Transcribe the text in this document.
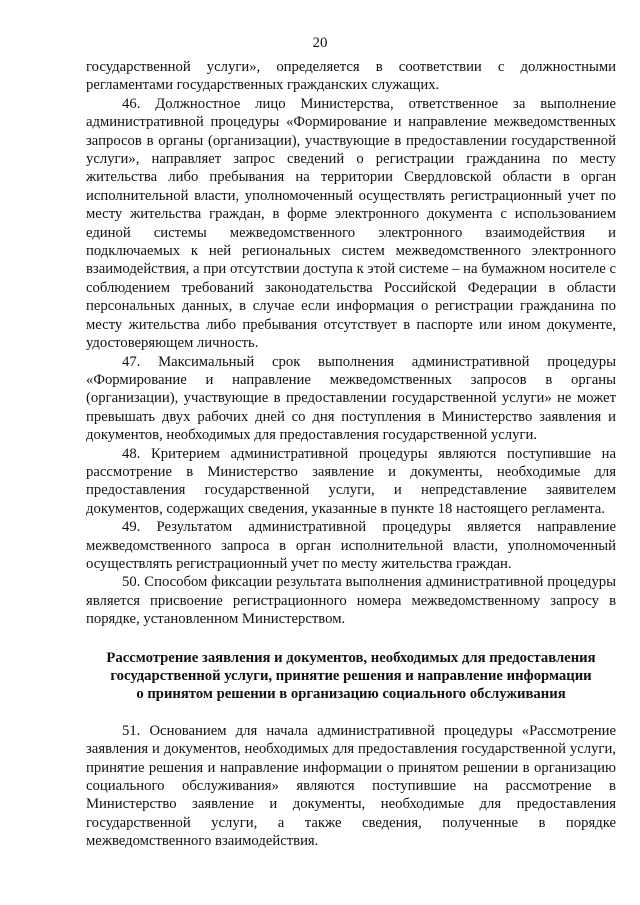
20

государственной услуги», определяется в соответствии с должностными регламентами государственных гражданских служащих.

46. Должностное лицо Министерства, ответственное за выполнение административной процедуры «Формирование и направление межведомственных запросов в органы (организации), участвующие в предоставлении государственной услуги», направляет запрос сведений о регистрации гражданина по месту жительства либо пребывания на территории Свердловской области в орган исполнительной власти, уполномоченный осуществлять регистрационный учет по месту жительства граждан, в форме электронного документа с использованием единой системы межведомственного электронного взаимодействия и подключаемых к ней региональных систем межведомственного электронного взаимодействия, а при отсутствии доступа к этой системе – на бумажном носителе с соблюдением требований законодательства Российской Федерации в области персональных данных, в случае если информация о регистрации гражданина по месту жительства либо пребывания отсутствует в паспорте или ином документе, удостоверяющем личность.

47. Максимальный срок выполнения административной процедуры «Формирование и направление межведомственных запросов в органы (организации), участвующие в предоставлении государственной услуги» не может превышать двух рабочих дней со дня поступления в Министерство заявления и документов, необходимых для предоставления государственной услуги.

48. Критерием административной процедуры являются поступившие на рассмотрение в Министерство заявление и документы, необходимые для предоставления государственной услуги, и непредставление заявителем документов, содержащих сведения, указанные в пункте 18 настоящего регламента.

49. Результатом административной процедуры является направление межведомственного запроса в орган исполнительной власти, уполномоченный осуществлять регистрационный учет по месту жительства граждан.

50. Способом фиксации результата выполнения административной процедуры является присвоение регистрационного номера межведомственному запросу в порядке, установленном Министерством.

Рассмотрение заявления и документов, необходимых для предоставления
государственной услуги, принятие решения и направление информации
о принятом решении в организацию социального обслуживания

51. Основанием для начала административной процедуры «Рассмотрение заявления и документов, необходимых для предоставления государственной услуги, принятие решения и направление информации о принятом решении в организацию социального обслуживания» являются поступившие на рассмотрение в Министерство заявление и документы, необходимые для предоставления государственной услуги, а также сведения, полученные в порядке межведомственного взаимодействия.
